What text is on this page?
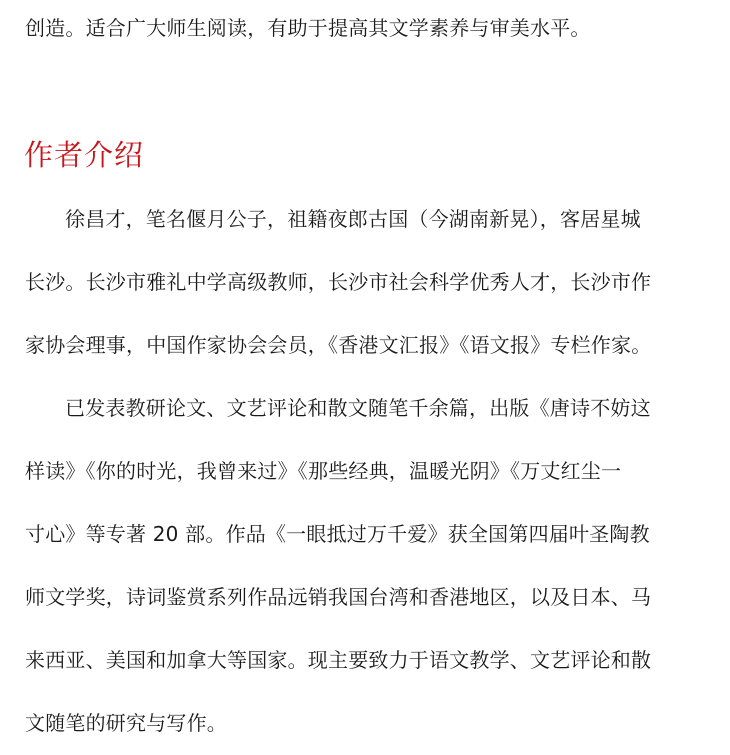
创造。适合广大师生阅读，有助于提高其文学素养与审美水平。
作者介绍
徐昌才，笔名偃月公子，祖籍夜郎古国（今湖南新晃），客居星城
长沙。长沙市雅礼中学高级教师，长沙市社会科学优秀人才，长沙市作
家协会理事，中国作家协会会员，《香港文汇报》《语文报》专栏作家。
已发表教研论文、文艺评论和散文随笔千余篇，出版《唐诗不妨这
样读》《你的时光，我曾来过》《那些经典，温暖光阴》《万丈红尘一
寸心》等专著 20 部。作品《一眼抵过万千爱》获全国第四届叶圣陶教
师文学奖，诗词鉴赏系列作品远销我国台湾和香港地区，以及日本、马
来西亚、美国和加拿大等国家。现主要致力于语文教学、文艺评论和散
文随笔的研究与写作。
